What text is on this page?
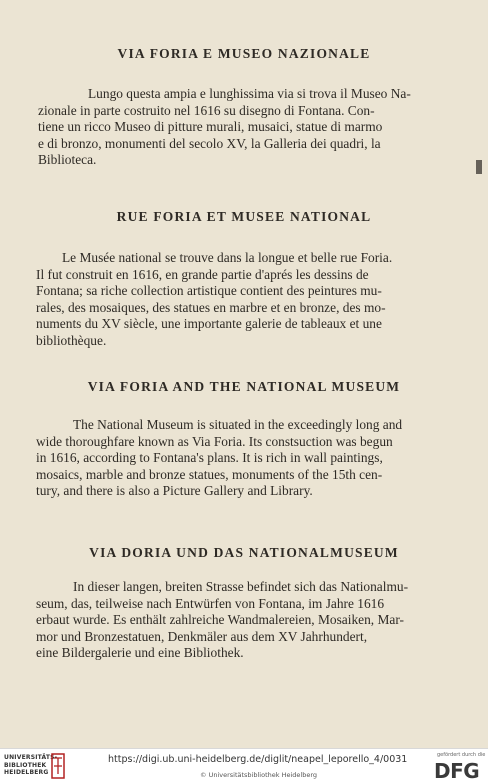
VIA FORIA E MUSEO NAZIONALE

Lungo questa ampia e lunghissima via si trova il Museo Na-
zionale in parte costruito nel 1616 su disegno di Fontana. Con-
tiene un ricco Museo di pitture murali, musaici, statue di marmo
e di bronzo, monumenti del secolo XV, la Galleria dei quadri, la
Biblioteca.

RUE FORIA ET MUSEE NATIONAL

Le Musée national se trouve dans la longue et belle rue Foria.
Il fut construit en 1616, en grande partie d'aprés les dessins de
Fontana; sa riche collection artistique contient des peintures mu-
rales, des mosaiques, des statues en marbre et en bronze, des mo-
numents du XV siècle, une importante galerie de tableaux et une
bibliothèque.

VIA FORIA AND THE NATIONAL MUSEUM

The National Museum is situated in the exceedingly long and
wide thoroughfare known as Via Foria. Its constsuction was begun
in 1616, according to Fontana's plans. It is rich in wall paintings,
mosaics, marble and bronze statues, monuments of the 15th cen-
tury, and there is also a Picture Gallery and Library.

VIA DORIA UND DAS NATIONALMUSEUM

In dieser langen, breiten Strasse befindet sich das Nationalmu-
seum, das, teilweise nach Entwürfen von Fontana, im Jahre 1616
erbaut wurde. Es enthält zahlreiche Wandmalereien, Mosaiken, Mar-
mor und Bronzestatuen, Denkmäler aus dem XV Jahrhundert,
eine Bildergalerie und eine Bibliothek.

UNIVERSITÄTS-
BIBLIOTHEK
HEIDELBERG
https://digi.ub.uni-heidelberg.de/diglit/neapel_leporello_4/0031
© Universitätsbibliothek Heidelberg
gefördert durch die
DFG
